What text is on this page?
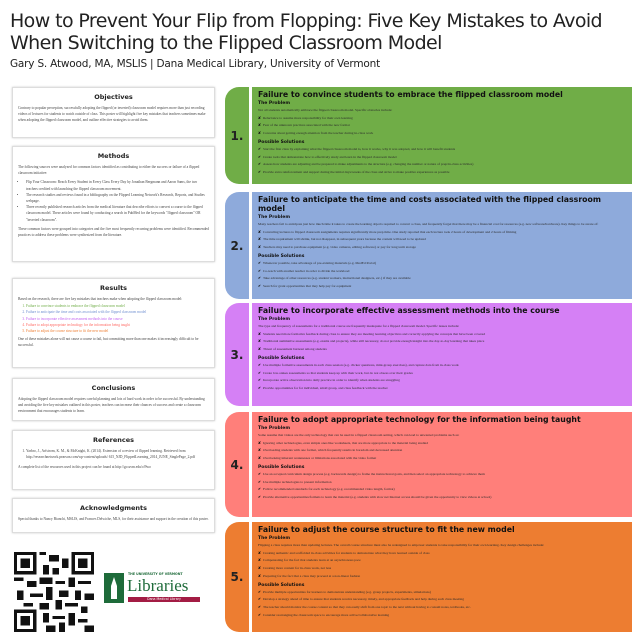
How to Prevent Your Flip from Flopping: Five Key Mistakes to Avoid When Switching to the Flipped Classroom Model
Gary S. Atwood, MA, MSLIS | Dana Medical Library, University of Vermont
Objectives

Contrary to popular perception, successfully adopting the flipped (or inverted) classroom model requires more than just recording videos of lectures for students to watch outside of class. This poster will highlight five key mistakes that teachers sometimes make when adopting the flipped classroom model, and outline effective strategies to avoid them.

Methods

The following sources were analyzed for common factors identified as contributing to either the success or failure of a flipped classroom initiative:

• Flip Your Classroom: Reach Every Student in Every Class Every Day by Jonathan Bergmann and Aaron Sams, the two teachers credited with launching the flipped classroom movement.
• The research studies and reviews found in a bibliography on the Flipped Learning Network's Research, Reports, and Studies webpage.
• Three recently published research articles from the medical literature that describe efforts to convert a course to the flipped classroom model. These articles were found by conducting a search in PubMed for the keywords "flipped classroom" OR "inverted classroom".

These common factors were grouped into categories and the five most frequently recurring problems were identified. Recommended practices to address these problems were synthesized from the literature.

Results

Based on the research, there are five key mistakes that teachers make when adopting the flipped classroom model:

1. Failure to convince students to embrace the flipped classroom model
2. Failure to anticipate the time and costs associated with the flipped classroom model
3. Failure to incorporate effective assessment methods into the course
4. Failure to adopt appropriate technology for the information being taught
5. Failure to adjust the course structure to fit the new model

One of these mistakes alone will not cause a course to fail, but committing more than one makes it increasingly difficult to be successful.

Conclusions

Adopting the flipped classroom model requires careful planning and lots of hard work in order to be successful. By understanding and avoiding the five key mistakes outlined in this poster, teachers can increase their chances of success and create a classroom environment that encourages students to learn.

References
1. Yarbro, J., Arfstrom, K. M., & McKnight, K. (2014). Extension of a review of flipped learning. Retrieved from http://researchnetwork.pearson.com/wp-content/uploads/ 615_NJD_FlippedLearning_2014_JUNE_SinglePage_2.pdf

A complete list of the resources used in this project can be found at http://go.uvm.edu/cf9wo

Acknowledgments

Special thanks to Nancy Bianchi, MSLIS, and Frances Delwiche, MLS, for their assistance and support in the creation of this poster.

THE UNIVERSITY OF VERMONT
Libraries
Dana Medical Library
1.
Failure to convince students to embrace the flipped classroom model
The Problem

Not all students automatically embrace the flipped classroom model. Specific obstacles include:

✘ Reluctance to assume more responsibility for their own learning
✘ Fear of the unknown practices associated with the new format
✘ Concerns about getting enough attention from the teacher during in-class work
Possible Solutions
✔ Start the first class by explaining what the flipped classroom model is, how it works, why it was adopted, and how it will benefit students
✔ Create tools that demonstrate how to effectively study and learn in the flipped classroom model
✔ Assess how students are adjusting and be prepared to make adjustments to the structure (e.g. changing the number or nature of prep/in-class activities)
✔ Provide extra reinforcement and support during the initial days/weeks of the class and strive to make positive experiences as possible
2.
Failure to anticipate the time and costs associated with the flipped classroom model
The Problem

Many teachers fail to anticipate just how much time it takes to create the learning objects required to convert a class, and frequently forget that there may be a financial cost for resources (e.g. new software/hardware). Key things to be aware of:

✘ Converting lectures to flipped classroom assignments requires significantly more prep time. One study reported that each lecture took 2 hours of development and 2 hours of filming
✘ The time requirement will shrink, but not disappear, in subsequent years because the content will need to be updated
✘ Teachers may need to purchase equipment (e.g. video cameras, editing software) or pay for long term storage
Possible Solutions
✔ Whenever possible, take advantage of pre-existing materials (e.g. MedEd Portal)
✔ Co-teach with another teacher in order to divide the workload
✔ Take advantage of other resources (e.g. student workers, instructional designers, etc.) if they are available
✔ Search for grant opportunities that may help pay for equipment
3.
Failure to incorporate effective assessment methods into the course
The Problem

The type and frequency of assessments for a traditional course are frequently inadequate for a flipped classroom model. Specific issues include:

✘ Students need more formative feedback during class to ensure they are meeting learning objectives and correctly applying the concepts that have been covered
✘ Traditional summative assessments (e.g. exams and projects), while still necessary, do not provide enough insight into the day-to-day learning that takes place
✘ Threat of assessment burnout among students
Possible Solutions
✔ Use multiple formative assessments in each class session (e.g. clicker questions, mini-group exercises), and capture data from in-class work
✔ Create low-stakes assessments so that students keep up with their work, but do not obsess over their grades
✔ Incorporate active observation into daily practice in order to identify when students are struggling
✔ Provide opportunities for for individual, small group, and class feedback with the teacher
4.
Failure to adopt appropriate technology for the information being taught
The Problem

Some assume that videos are the only technology that can be used in a flipped classroom setting, which can lead to unwanted problems such as:

✘ Ignoring other technologies, even simple ones like worksheets, that are more appropriate to the material being studied
✘ Overloading students with one format, which frequently results in boredom and decreased attention
✘ Overlooking inherent weaknesses or limitations associated with the video format
Possible Solutions
✔ Use an accepted curriculum design process (e.g. backwards design) to frame the instructional goals, and then select an appropriate technology to achieve them
✔ Use multiple technologies to present information
✔ Follow recommended standards for each technology (e.g. recommended video length, format)
✔ Provide alternative opportunities/formats to learn the material (e.g. students with slow net Internet access should be given the opportunity to view videos at school)
5.
Failure to adjust the course structure to fit the new model
The Problem

Flipping a class requires more than updating lectures. The overall course structure must also be redesigned to empower students to take responsibility for their own learning. Key design challenges include:

✘ Creating authentic and scaffolded in-class activities for students to demonstrate what they have learned outside of class
✘ Compensating for the fact that students learn at an asynchronous pace
✘ Creating more content for in-class work, not less
✘ Preparing for the fact that a class may proceed at a non-linear fashion
Possible Solutions
✔ Provide multiple opportunities for learners to demonstrate understanding (e.g. group projects, experiments, simulations)
✔ Develop a strategy ahead of time to ensure that students receive necessary, timely, and appropriate feedback and help during each class meeting
✔ The teacher should monitor the course content so that they can easily shift from one topic to the next without having to consult notes, textbooks, etc.
✔ Consider rearranging the classroom space to encourage more active/collaborative learning
